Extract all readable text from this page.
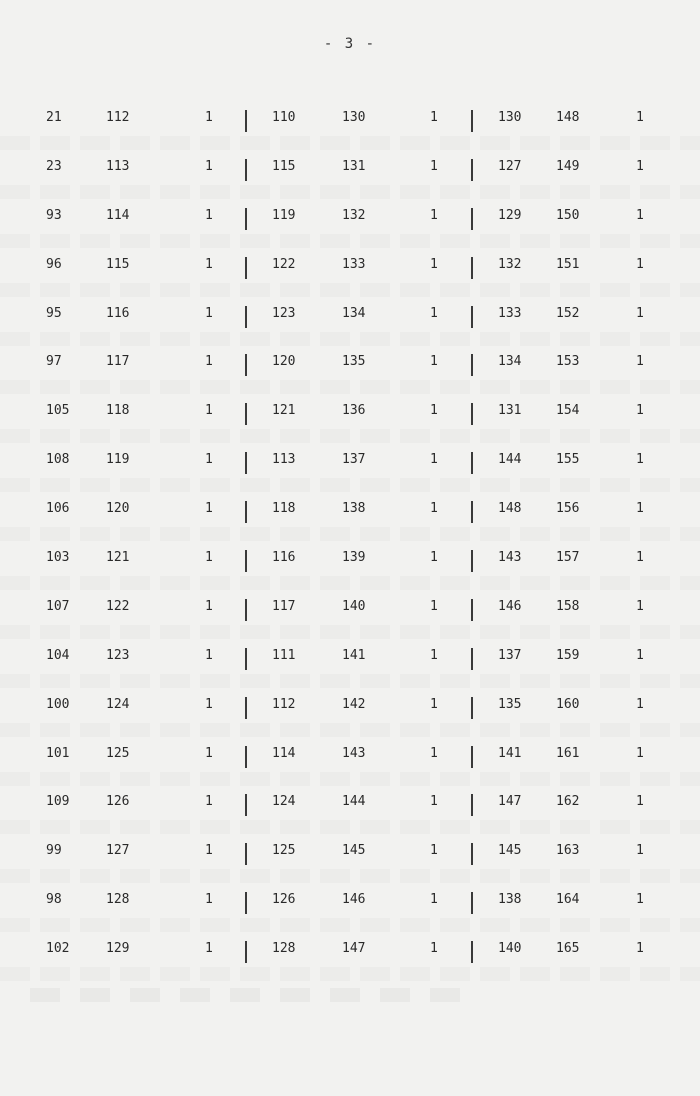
- 3 -
21	112	1	110	130	1	130	148	1
23	113	1	115	131	1	127	149	1
93	114	1	119	132	1	129	150	1
96	115	1	122	133	1	132	151	1
95	116	1	123	134	1	133	152	1
97	117	1	120	135	1	134	153	1
105	118	1	121	136	1	131	154	1
108	119	1	113	137	1	144	155	1
106	120	1	118	138	1	148	156	1
103	121	1	116	139	1	143	157	1
107	122	1	117	140	1	146	158	1
104	123	1	111	141	1	137	159	1
100	124	1	112	142	1	135	160	1
101	125	1	114	143	1	141	161	1
109	126	1	124	144	1	147	162	1
99	127	1	125	145	1	145	163	1
98	128	1	126	146	1	138	164	1
102	129	1	128	147	1	140	165	1
